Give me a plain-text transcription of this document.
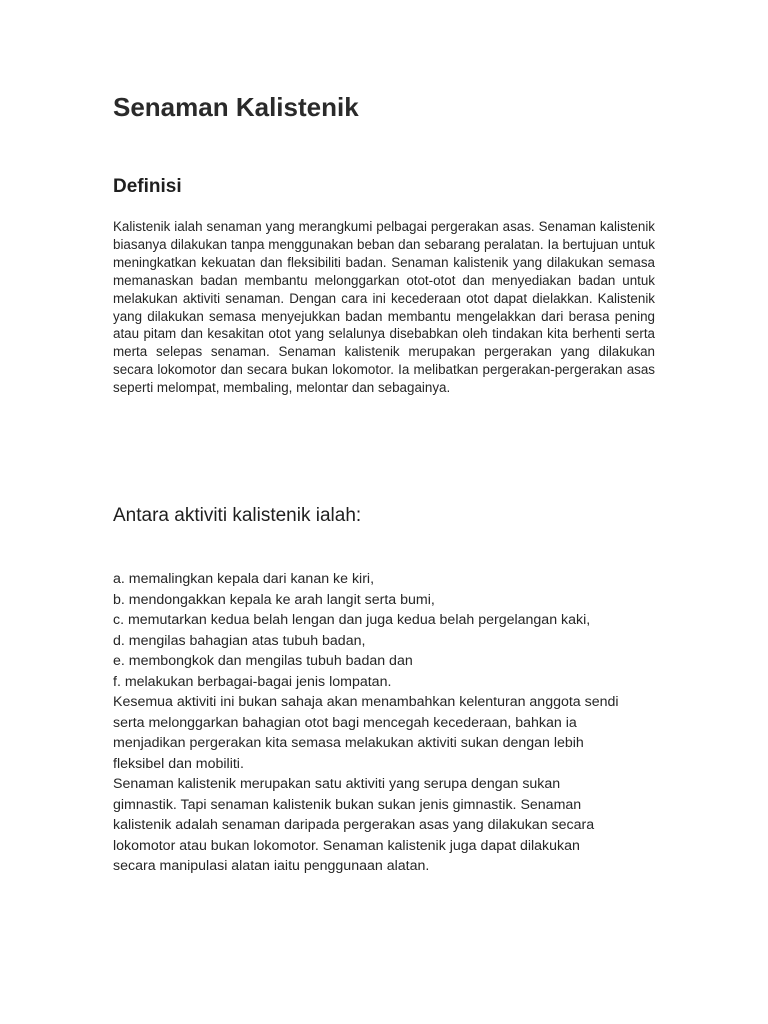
Senaman Kalistenik
Definisi
Kalistenik ialah senaman yang merangkumi pelbagai pergerakan asas. Senaman kalistenik biasanya dilakukan tanpa menggunakan beban dan sebarang peralatan. Ia bertujuan untuk meningkatkan kekuatan dan fleksibiliti badan. Senaman kalistenik yang dilakukan semasa memanaskan badan membantu melonggarkan otot-otot dan menyediakan badan untuk melakukan aktiviti senaman. Dengan cara ini kecederaan otot dapat dielakkan. Kalistenik yang dilakukan semasa menyejukkan badan membantu mengelakkan dari berasa pening atau pitam dan kesakitan otot yang selalunya disebabkan oleh tindakan kita berhenti serta merta selepas senaman. Senaman kalistenik merupakan pergerakan yang dilakukan secara lokomotor dan secara bukan lokomotor. Ia melibatkan pergerakan-pergerakan asas seperti melompat, membaling, melontar dan sebagainya.
Antara aktiviti kalistenik ialah:
a. memalingkan kepala dari kanan ke kiri,
b. mendongakkan kepala ke arah langit serta bumi,
c. memutarkan kedua belah lengan dan juga kedua belah pergelangan kaki,
d. mengilas bahagian atas tubuh badan,
e. membongkok dan mengilas tubuh badan dan
f. melakukan berbagai-bagai jenis lompatan.
Kesemua aktiviti ini bukan sahaja akan menambahkan kelenturan anggota sendi
serta melonggarkan bahagian otot bagi mencegah kecederaan, bahkan ia
menjadikan pergerakan kita semasa melakukan aktiviti sukan dengan lebih
fleksibel dan mobiliti.
Senaman kalistenik merupakan satu aktiviti yang serupa dengan sukan
gimnastik. Tapi senaman kalistenik bukan sukan jenis gimnastik. Senaman
kalistenik adalah senaman daripada pergerakan asas yang dilakukan secara
lokomotor atau bukan lokomotor. Senaman kalistenik juga dapat dilakukan
secara manipulasi alatan iaitu penggunaan alatan.
